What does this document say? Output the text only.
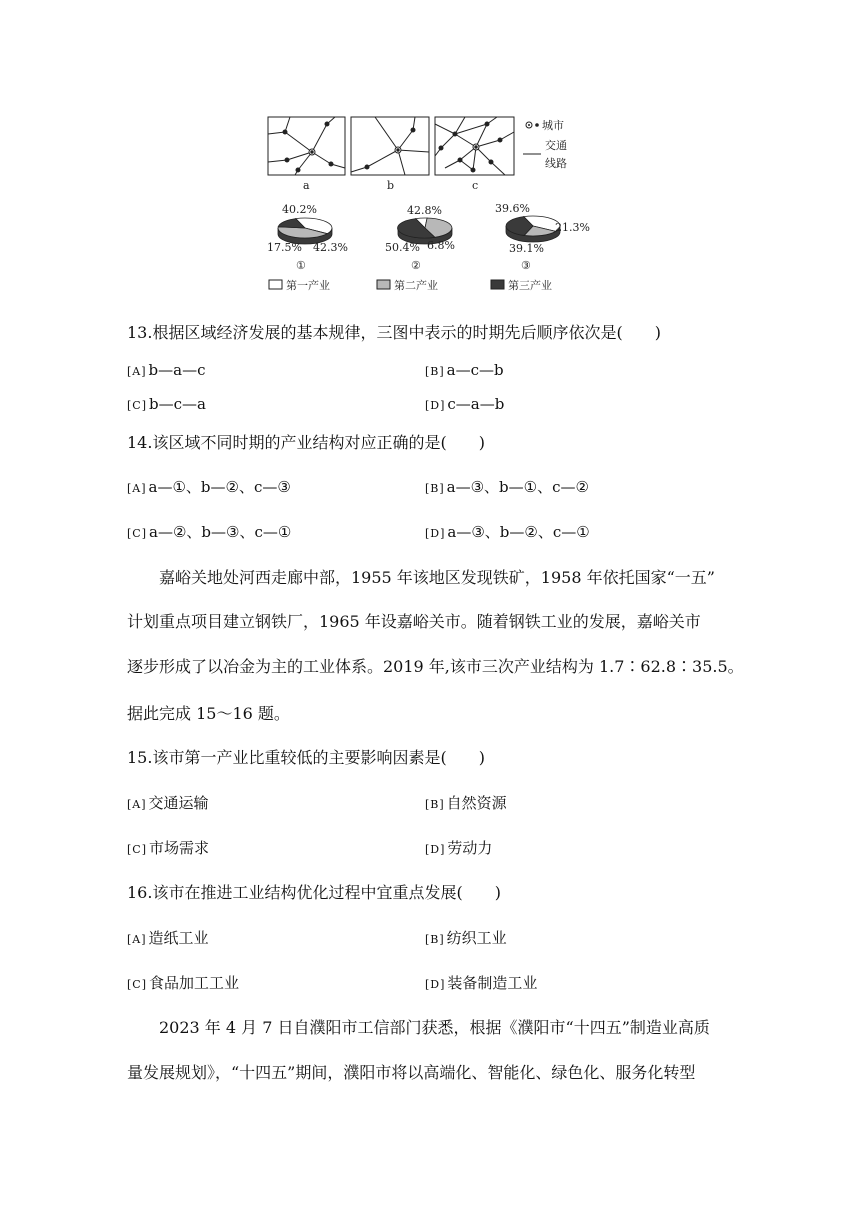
a	b	c
城市
交通
线路
40.2%
17.5% 42.3%
①
42.8%
50.4% 6.8%
②
39.6%
21.3%
39.1%
③
第一产业	第二产业	第三产业
13.根据区域经济发展的基本规律，三图中表示的时期先后顺序依次是(　　)
[A] b—a—c	[B] a—c—b
[C] b—c—a	[D] c—a—b
14.该区域不同时期的产业结构对应正确的是(　　)
[A] a—①、b—②、c—③	[B] a—③、b—①、c—②
[C] a—②、b—③、c—①	[D] a—③、b—②、c—①
　　嘉峪关地处河西走廊中部，1955 年该地区发现铁矿，1958 年依托国家“一五”
计划重点项目建立钢铁厂，1965 年设嘉峪关市。随着钢铁工业的发展，嘉峪关市
逐步形成了以冶金为主的工业体系。2019 年,该市三次产业结构为 1.7∶62.8∶35.5。
据此完成 15～16 题。
15.该市第一产业比重较低的主要影响因素是(　　)
[A] 交通运输	[B] 自然资源
[C] 市场需求	[D] 劳动力
16.该市在推进工业结构优化过程中宜重点发展(　　)
[A] 造纸工业	[B] 纺织工业
[C] 食品加工工业	[D] 装备制造工业
　　2023 年 4 月 7 日自濮阳市工信部门获悉，根据《濮阳市“十四五”制造业高质
量发展规划》，“十四五”期间，濮阳市将以高端化、智能化、绿色化、服务化转型
